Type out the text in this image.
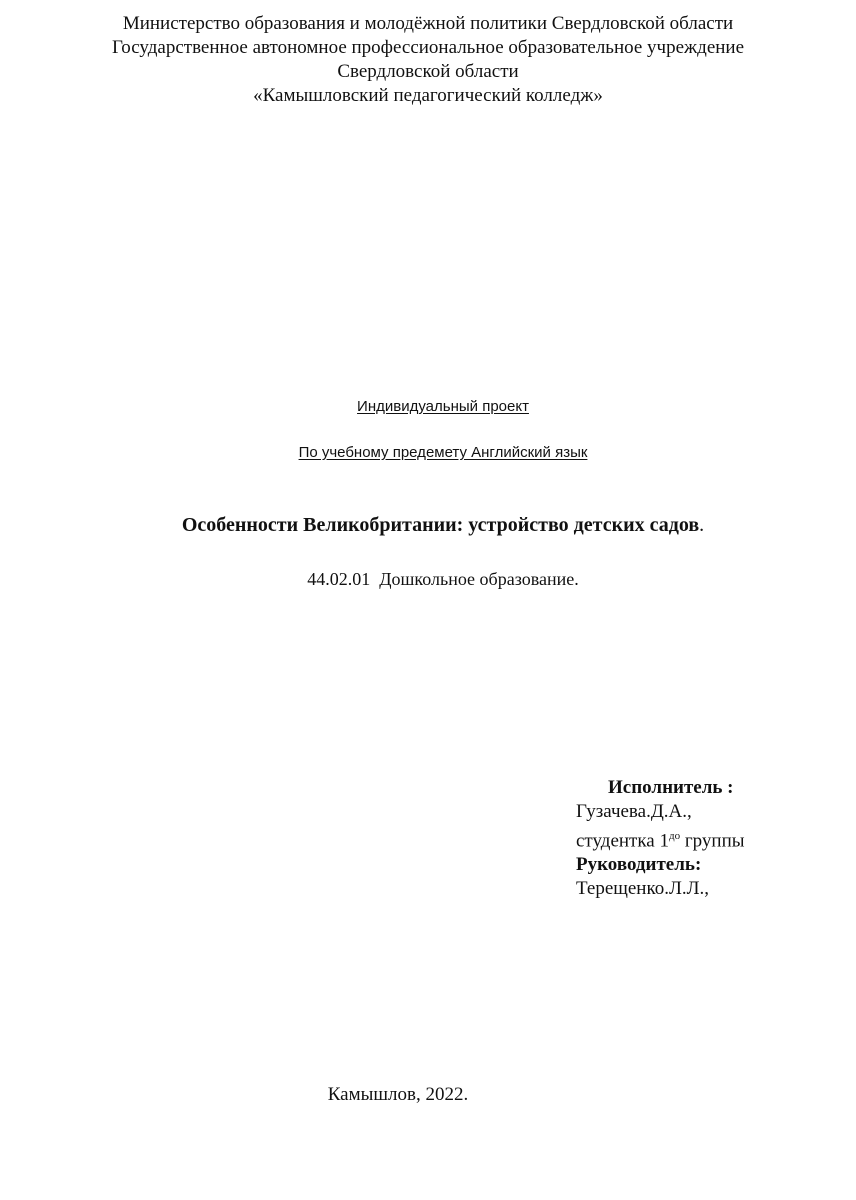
Министерство образования и молодёжной политики Свердловской области
Государственное автономное профессиональное образовательное учреждение
Свердловской области
«Камышловский педагогический колледж»
Индивидуальный проект
По учебному предемету Английский язык
Особенности Великобритании: устройство детских садов.
44.02.01 Дошкольное образование.
Исполнитель :
Гузачева.Д.А.,
студентка $1^{до}$ группы
Руководитель:
Терещенко.Л.Л.,
Камышлов, 2022.
